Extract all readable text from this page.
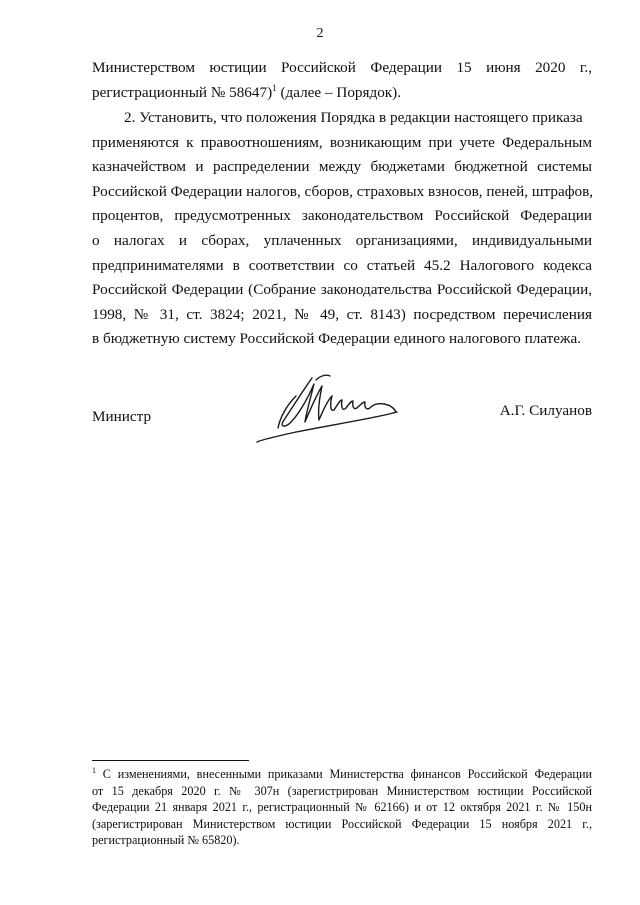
2
Министерством юстиции Российской Федерации 15 июня 2020 г.,
регистрационный № 58647)$^1$ (далее – Порядок).
2. Установить, что положения Порядка в редакции настоящего приказа
применяются к правоотношениям, возникающим при учете Федеральным
казначейством и распределении между бюджетами бюджетной системы
Российской Федерации налогов, сборов, страховых взносов, пеней, штрафов,
процентов, предусмотренных законодательством Российской Федерации
о налогах и сборах, уплаченных организациями, индивидуальными
предпринимателями в соответствии со статьей 45.2 Налогового кодекса
Российской Федерации (Собрание законодательства Российской Федерации,
1998, № 31, ст. 3824; 2021, № 49, ст. 8143) посредством перечисления
в бюджетную систему Российской Федерации единого налогового платежа.
Министр	А.Г. Силуанов
$^1$ С изменениями, внесенными приказами Министерства финансов Российской Федерации
от 15 декабря 2020 г. № 307н (зарегистрирован Министерством юстиции Российской
Федерации 21 января 2021 г., регистрационный № 62166) и от 12 октября 2021 г. № 150н
(зарегистрирован Министерством юстиции Российской Федерации 15 ноября 2021 г.,
регистрационный № 65820).
